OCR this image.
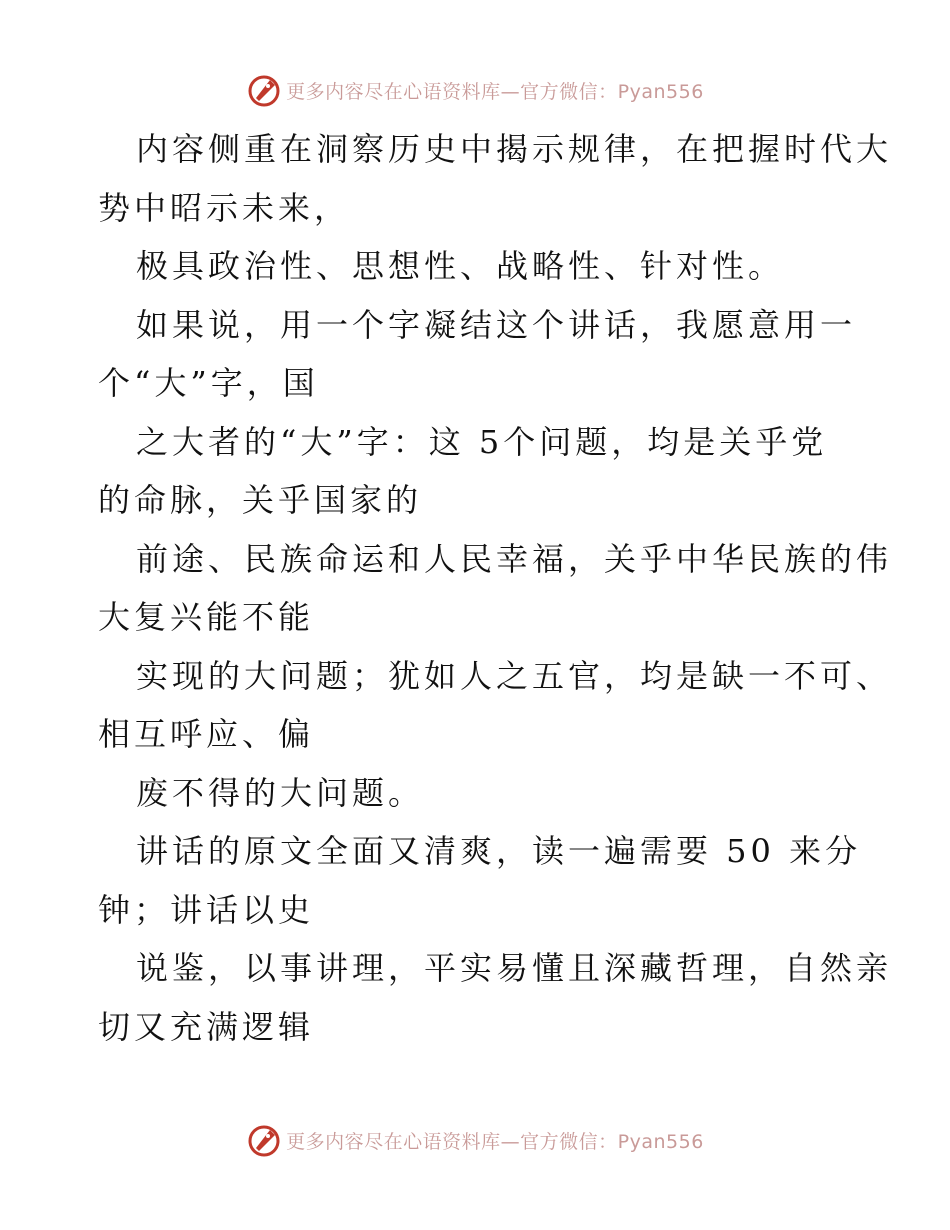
更多内容尽在心语资料库—官方微信：Pyan556
内容侧重在洞察历史中揭示规律，在把握时代大
势中昭示未来，
极具政治性、思想性、战略性、针对性。
如果说，用一个字凝结这个讲话，我愿意用一
个“大”字，国
之大者的“大”字：这 5个问题，均是关乎党
的命脉，关乎国家的
前途、民族命运和人民幸福，关乎中华民族的伟
大复兴能不能
实现的大问题；犹如人之五官，均是缺一不可、
相互呼应、偏
废不得的大问题。
讲话的原文全面又清爽，读一遍需要 50 来分
钟；讲话以史
说鉴，以事讲理，平实易懂且深藏哲理，自然亲
切又充满逻辑
更多内容尽在心语资料库—官方微信：Pyan556
